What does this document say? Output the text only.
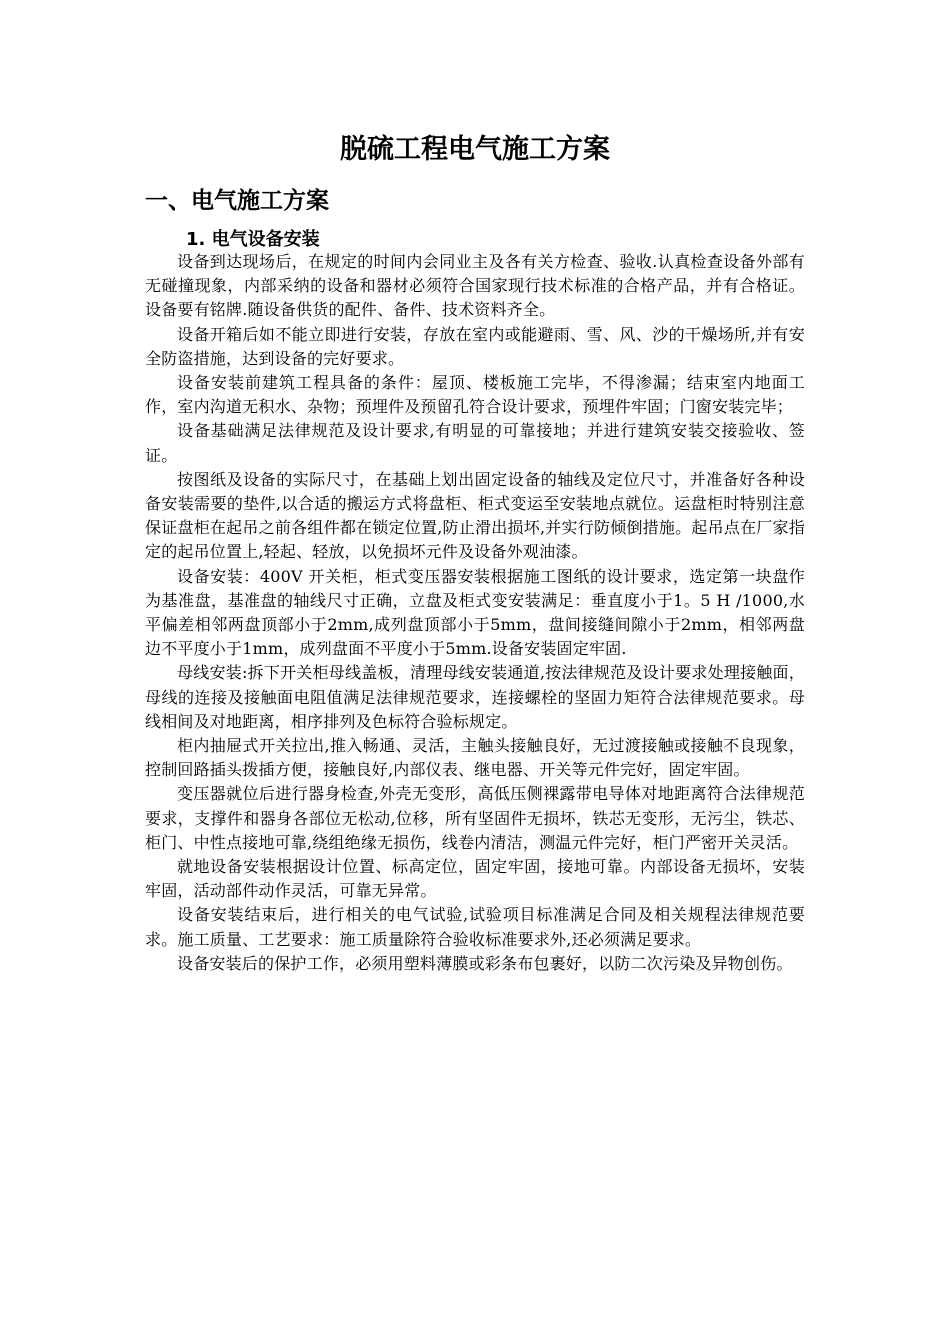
脱硫工程电气施工方案
一、电气施工方案
1. 电气设备安装

设备到达现场后，在规定的时间内会同业主及各有关方检查、验收.认真检查设备外部有无碰撞现象，内部采纳的设备和器材必须符合国家现行技术标准的合格产品，并有合格证。设备要有铭牌.随设备供货的配件、备件、技术资料齐全。

设备开箱后如不能立即进行安装，存放在室内或能避雨、雪、风、沙的干燥场所,并有安全防盗措施，达到设备的完好要求。

设备安装前建筑工程具备的条件：屋顶、楼板施工完毕，不得渗漏；结束室内地面工作，室内沟道无积水、杂物；预埋件及预留孔符合设计要求，预埋件牢固；门窗安装完毕；

设备基础满足法律规范及设计要求,有明显的可靠接地；并进行建筑安装交接验收、签证。

按图纸及设备的实际尺寸，在基础上划出固定设备的轴线及定位尺寸，并准备好各种设备安装需要的垫件,以合适的搬运方式将盘柜、柜式变运至安装地点就位。运盘柜时特别注意保证盘柜在起吊之前各组件都在锁定位置,防止滑出损坏,并实行防倾倒措施。起吊点在厂家指定的起吊位置上,轻起、轻放，以免损坏元件及设备外观油漆。

设备安装：400V 开关柜，柜式变压器安装根据施工图纸的设计要求，选定第一块盘作为基准盘，基准盘的轴线尺寸正确，立盘及柜式变安装满足：垂直度小于1。5 H /1000,水平偏差相邻两盘顶部小于2mm,成列盘顶部小于5mm，盘间接缝间隙小于2mm，相邻两盘边不平度小于1mm，成列盘面不平度小于5mm.设备安装固定牢固.

母线安装:拆下开关柜母线盖板，清理母线安装通道,按法律规范及设计要求处理接触面，母线的连接及接触面电阻值满足法律规范要求，连接螺栓的坚固力矩符合法律规范要求。母线相间及对地距离，相序排列及色标符合验标规定。

柜内抽屉式开关拉出,推入畅通、灵活，主触头接触良好，无过渡接触或接触不良现象，控制回路插头拨插方便，接触良好,内部仪表、继电器、开关等元件完好，固定牢固。

变压器就位后进行器身检查,外壳无变形，高低压侧裸露带电导体对地距离符合法律规范要求，支撑件和器身各部位无松动,位移，所有坚固件无损坏，铁芯无变形，无污尘，铁芯、柜门、中性点接地可靠,绕组绝缘无损伤，线卷内清洁，测温元件完好，柜门严密开关灵活。

就地设备安装根据设计位置、标高定位，固定牢固，接地可靠。内部设备无损坏，安装牢固，活动部件动作灵活，可靠无异常。

设备安装结束后，进行相关的电气试验,试验项目标准满足合同及相关规程法律规范要求。施工质量、工艺要求：施工质量除符合验收标准要求外,还必须满足要求。

设备安装后的保护工作，必须用塑料薄膜或彩条布包裹好，以防二次污染及异物创伤。
